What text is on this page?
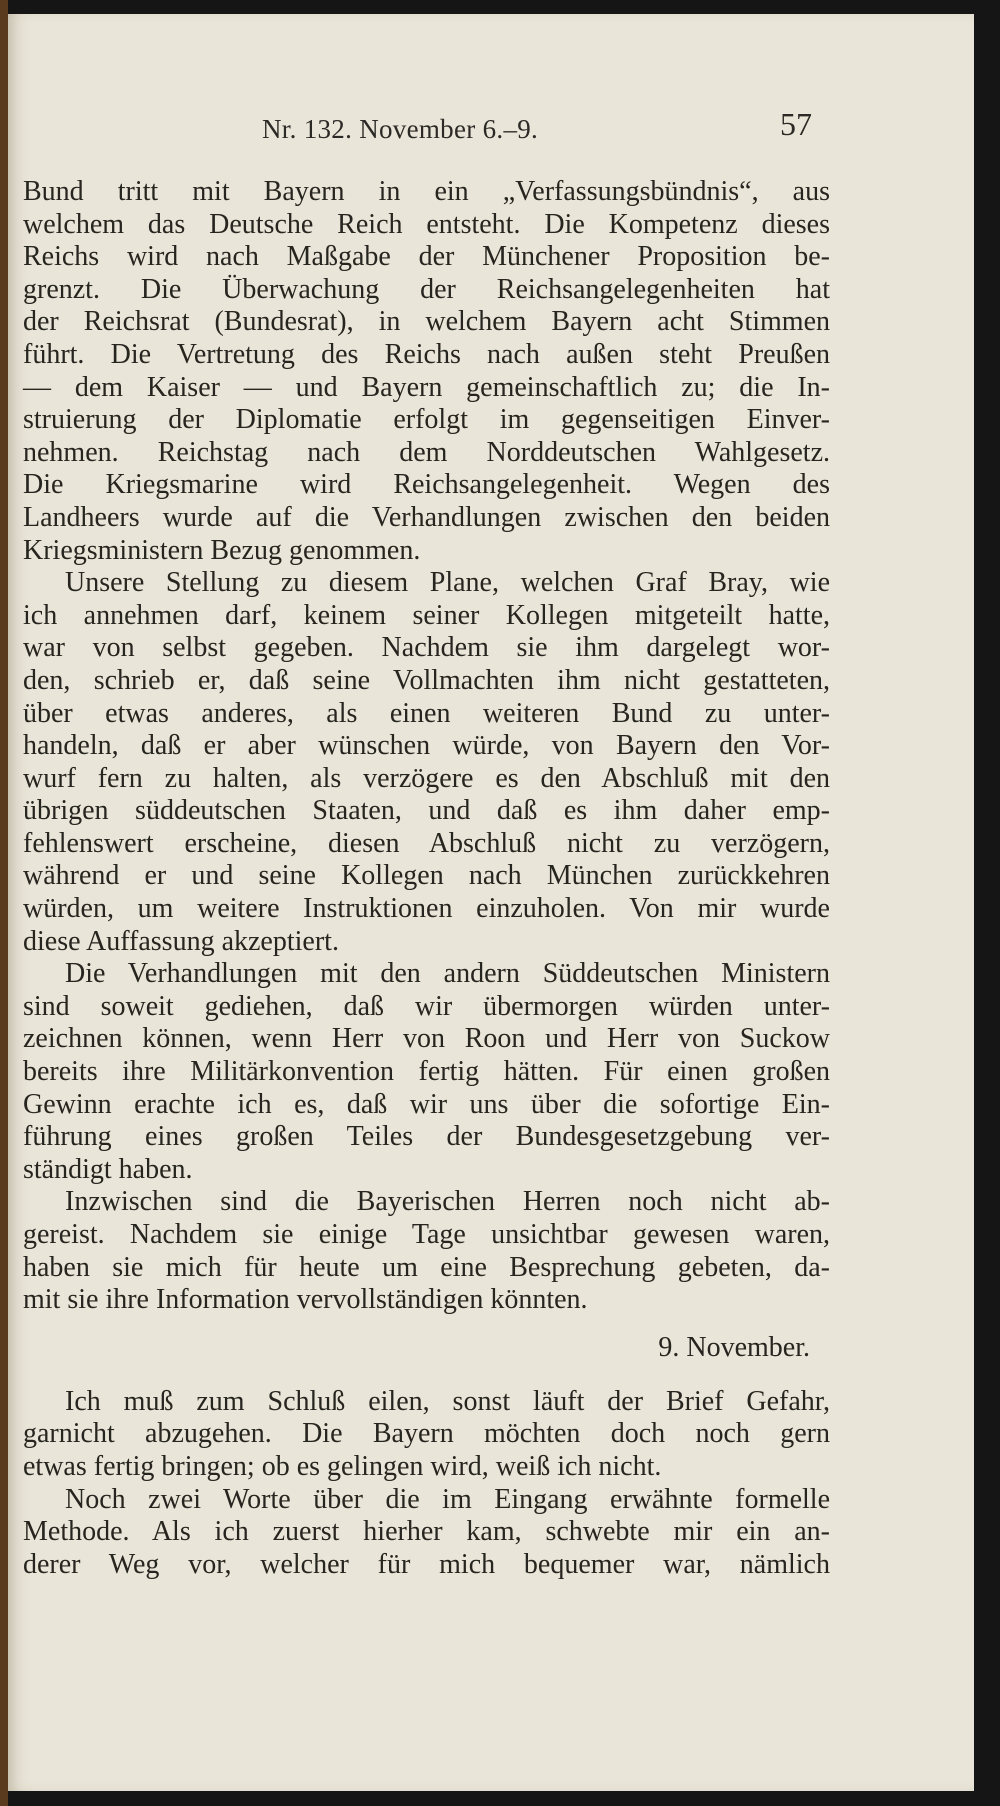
Nr. 132. November 6.–9.	57

Bund tritt mit Bayern in ein „Verfassungsbündnis“, aus
welchem das Deutsche Reich entsteht. Die Kompetenz dieses
Reichs wird nach Maßgabe der Münchener Proposition be-
grenzt. Die Überwachung der Reichsangelegenheiten hat
der Reichsrat (Bundesrat), in welchem Bayern acht Stimmen
führt. Die Vertretung des Reichs nach außen steht Preußen
— dem Kaiser — und Bayern gemeinschaftlich zu; die In-
struierung der Diplomatie erfolgt im gegenseitigen Einver-
nehmen. Reichstag nach dem Norddeutschen Wahlgesetz.
Die Kriegsmarine wird Reichsangelegenheit. Wegen des
Landheers wurde auf die Verhandlungen zwischen den beiden
Kriegsministern Bezug genommen.

Unsere Stellung zu diesem Plane, welchen Graf Bray, wie
ich annehmen darf, keinem seiner Kollegen mitgeteilt hatte,
war von selbst gegeben. Nachdem sie ihm dargelegt wor-
den, schrieb er, daß seine Vollmachten ihm nicht gestatteten,
über etwas anderes, als einen weiteren Bund zu unter-
handeln, daß er aber wünschen würde, von Bayern den Vor-
wurf fern zu halten, als verzögere es den Abschluß mit den
übrigen süddeutschen Staaten, und daß es ihm daher emp-
fehlenswert erscheine, diesen Abschluß nicht zu verzögern,
während er und seine Kollegen nach München zurückkehren
würden, um weitere Instruktionen einzuholen. Von mir wurde
diese Auffassung akzeptiert.

Die Verhandlungen mit den andern Süddeutschen Ministern
sind soweit gediehen, daß wir übermorgen würden unter-
zeichnen können, wenn Herr von Roon und Herr von Suckow
bereits ihre Militärkonvention fertig hätten. Für einen großen
Gewinn erachte ich es, daß wir uns über die sofortige Ein-
führung eines großen Teiles der Bundesgesetzgebung ver-
ständigt haben.

Inzwischen sind die Bayerischen Herren noch nicht ab-
gereist. Nachdem sie einige Tage unsichtbar gewesen waren,
haben sie mich für heute um eine Besprechung gebeten, da-
mit sie ihre Information vervollständigen könnten.

9. November.

Ich muß zum Schluß eilen, sonst läuft der Brief Gefahr,
garnicht abzugehen. Die Bayern möchten doch noch gern
etwas fertig bringen; ob es gelingen wird, weiß ich nicht.

Noch zwei Worte über die im Eingang erwähnte formelle
Methode. Als ich zuerst hierher kam, schwebte mir ein an-
derer Weg vor, welcher für mich bequemer war, nämlich
